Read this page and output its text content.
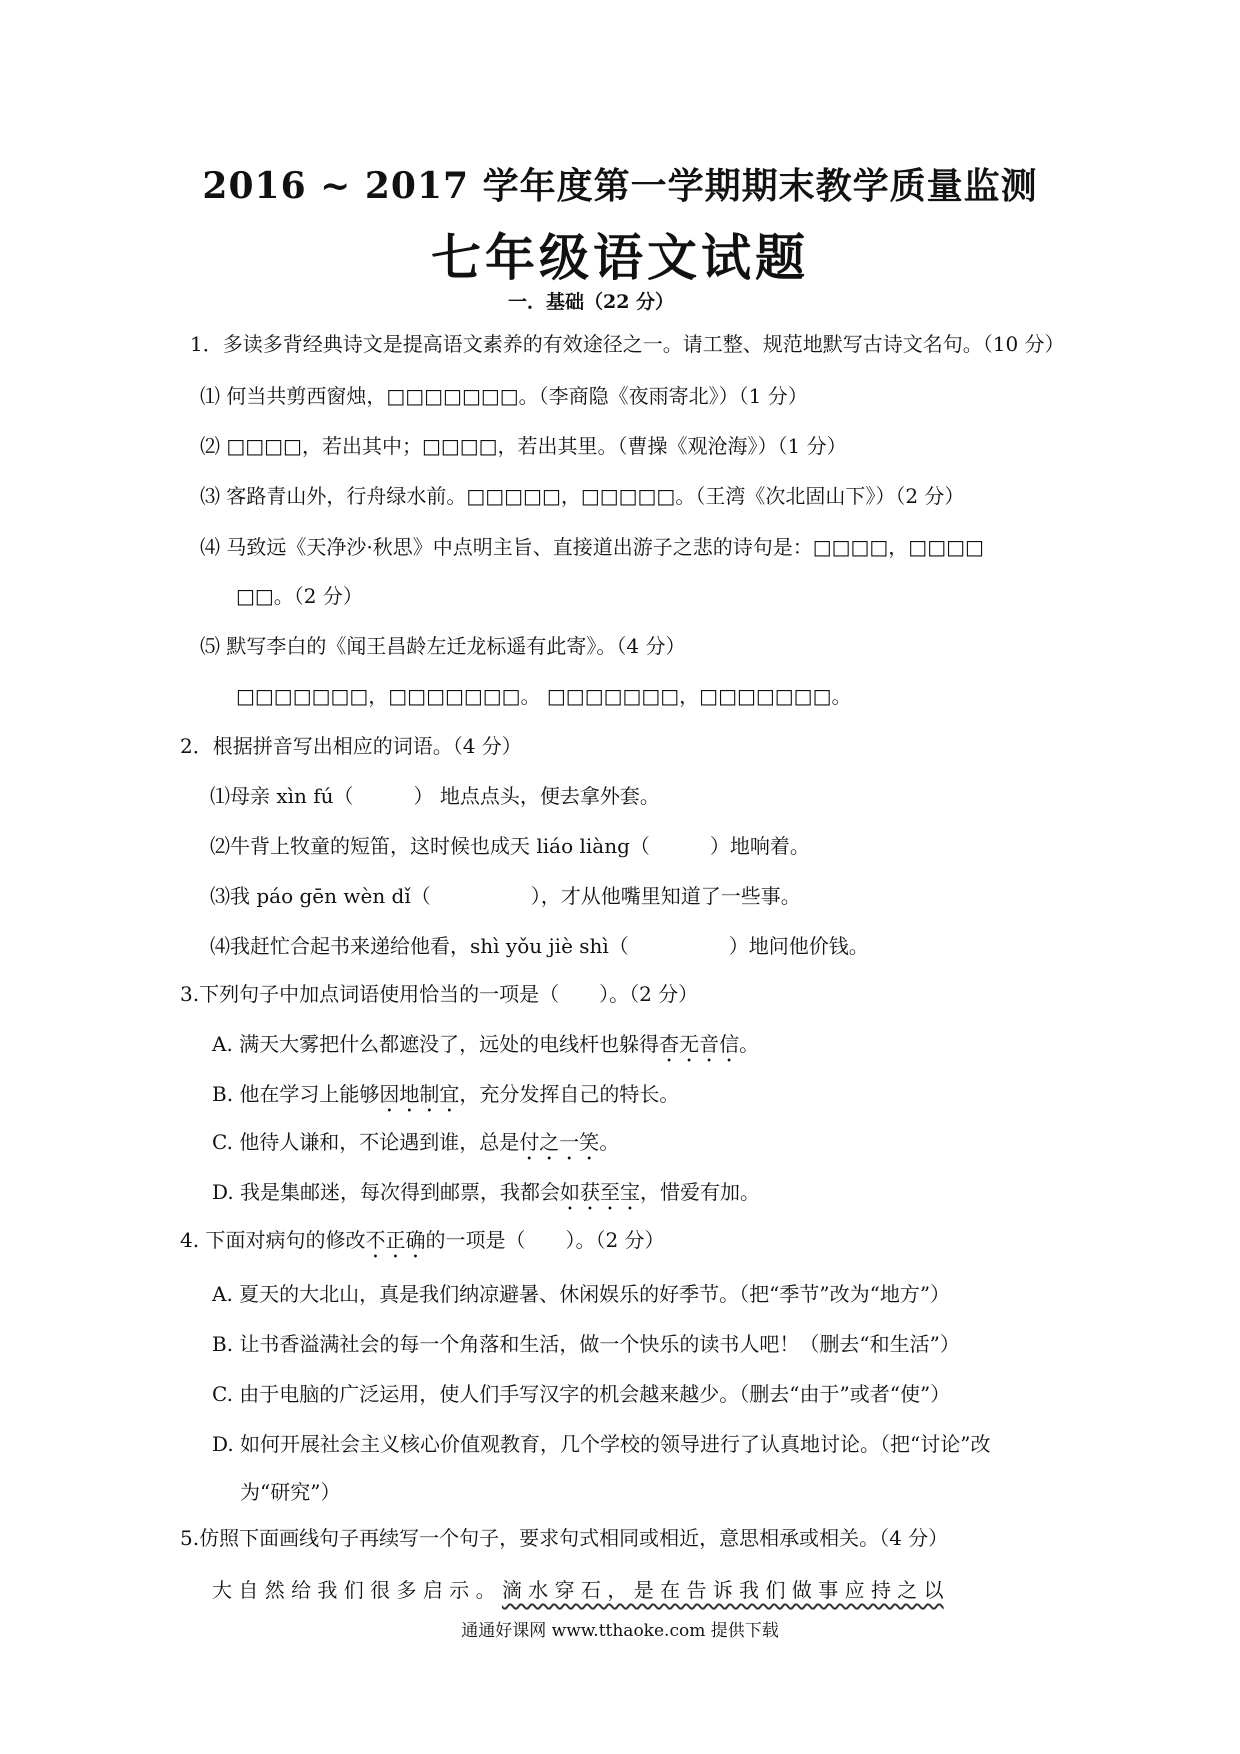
2016 ~ 2017 学年度第一学期期末教学质量监测
七年级语文试题
一．基础（22 分）
1．多读多背经典诗文是提高语文素养的有效途径之一。请工整、规范地默写古诗文名句。（10 分）
⑴ 何当共剪西窗烛，□□□□□□□。（李商隐《夜雨寄北》）（1 分）
⑵ □□□□，若出其中；□□□□，若出其里。（曹操《观沧海》）（1 分）
⑶ 客路青山外，行舟绿水前。□□□□□，□□□□□。（王湾《次北固山下》）（2 分）
⑷ 马致远《天净沙·秋思》中点明主旨、直接道出游子之悲的诗句是：□□□□，□□□□
□□。（2 分）
⑸ 默写李白的《闻王昌龄左迁龙标遥有此寄》。（4 分）
□□□□□□□，□□□□□□□。 □□□□□□□，□□□□□□□。
2．根据拼音写出相应的词语。（4 分）
⑴母亲 xìn fú（　　　） 地点点头，便去拿外套。
⑵牛背上牧童的短笛，这时候也成天 liáo liàng（　　　）地响着。
⑶我 páo gēn wèn dǐ（　　　　　），才从他嘴里知道了一些事。
⑷我赶忙合起书来递给他看，shì yǒu jiè shì（　　　　　）地问他价钱。
3.下列句子中加点词语使用恰当的一项是（　　）。（2 分）
A. 满天大雾把什么都遮没了，远处的电线杆也躲得杳无音信。
B. 他在学习上能够因地制宜，充分发挥自己的特长。
C. 他待人谦和，不论遇到谁，总是付之一笑。
D. 我是集邮迷，每次得到邮票，我都会如获至宝，惜爱有加。
4. 下面对病句的修改不正确的一项是（　　）。（2 分）
A. 夏天的大北山，真是我们纳凉避暑、休闲娱乐的好季节。（把“季节”改为“地方”）
B. 让书香溢满社会的每一个角落和生活，做一个快乐的读书人吧！（删去“和生活”）
C. 由于电脑的广泛运用，使人们手写汉字的机会越来越少。（删去“由于”或者“使”）
D. 如何开展社会主义核心价值观教育，几个学校的领导进行了认真地讨论。（把“讨论”改
为“研究”）
5.仿照下面画线句子再续写一个句子，要求句式相同或相近，意思相承或相关。（4 分）
大 自 然 给 我 们 很 多 启 示 。 滴 水 穿 石 ， 是 在 告 诉 我 们 做 事 应 持 之 以
通通好课网 www.tthaoke.com 提供下载
